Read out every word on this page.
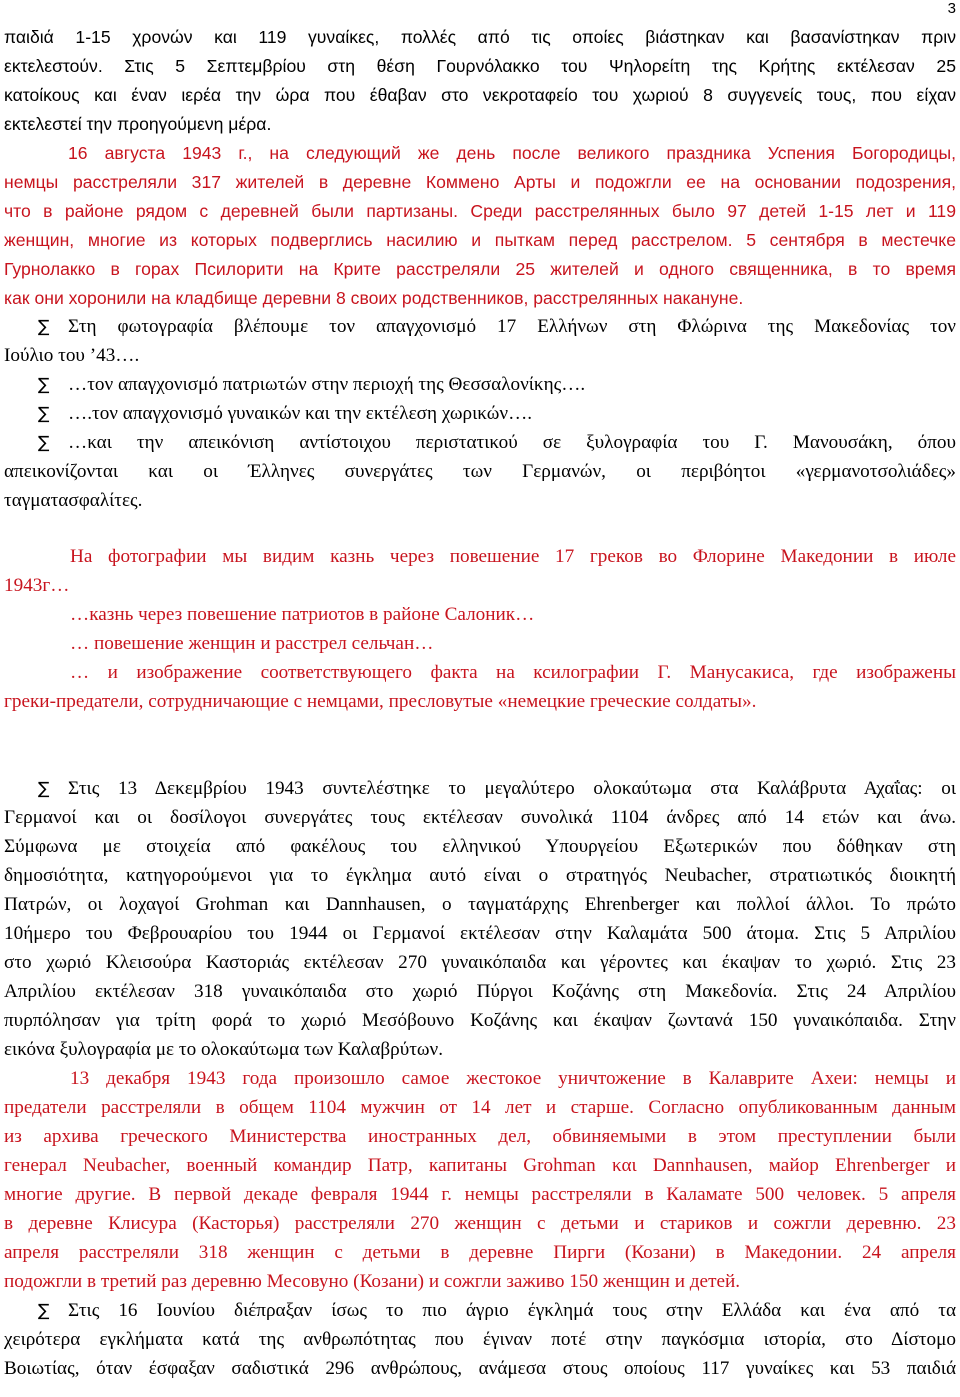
3
παιδιά 1-15 χρονών και 119 γυναίκες, πολλές από τις οποίες βιάστηκαν και βασανίστηκαν πριν
εκτελεστούν. Στις 5 Σεπτεμβρίου στη θέση Γουρνόλακκο του Ψηλορείτη της Κρήτης εκτέλεσαν 25
κατοίκους και έναν ιερέα την ώρα που έθαβαν στο νεκροταφείο του χωριού 8 συγγενείς τους, που είχαν
εκτελεστεί την προηγούμενη μέρα.
16 августа 1943 г., на следующий же день после великого праздника Успения Богородицы,
немцы расстреляли 317 жителей в деревне Коммено Арты и подожгли ее на основании подозрения,
что в районе рядом с деревней были партизаны. Среди расстрелянных было 97 детей 1-15 лет и 119
женщин, многие из которых подверглись насилию и пыткам перед расстрелом. 5 сентября в местечке
Гурнолакко в горах Псилорити на Крите расстреляли 25 жителей и одного священника, в то время
как они хоронили на кладбище деревни 8 своих родственников, расстрелянных накануне.
∑ Στη φωτογραφία βλέπουμε τον απαγχονισμό 17 Ελλήνων στη Φλώρινα της Μακεδονίας τον
Ιούλιο του ’43….
∑ …τον απαγχονισμό πατριωτών στην περιοχή της Θεσσαλονίκης….
∑ ….τον απαγχονισμό γυναικών και την εκτέλεση χωρικών….
∑ …και την απεικόνιση αντίστοιχου περιστατικού σε ξυλογραφία του Γ. Μανουσάκη, όπου
απεικονίζονται και οι Έλληνες συνεργάτες των Γερμανών, οι περιβόητοι «γερμανοτσολιάδες»
ταγματασφαλίτες.
На фотографии мы видим казнь через повешение 17 греков во Флорине Македонии в июле
1943г…
…казнь через повешение патриотов в районе Салоник…
… повешение женщин и расстрел сельчан…
… и изображение соответствующего факта на ксилографии Г. Манусакиса, где изображены
греки-предатели, сотрудничающие с немцами, пресловутые «немецкие греческие солдаты».
∑ Στις 13 Δεκεμβρίου 1943 συντελέστηκε το μεγαλύτερο ολοκαύτωμα στα Καλάβρυτα Αχαΐας: οι
Γερμανοί και οι δοσίλογοι συνεργάτες τους εκτέλεσαν συνολικά 1104 άνδρες από 14 ετών και άνω.
Σύμφωνα με στοιχεία από φακέλους του ελληνικού Υπουργείου Εξωτερικών που δόθηκαν στη
δημοσιότητα, κατηγορούμενοι για το έγκλημα αυτό είναι ο στρατηγός Neubacher, στρατιωτικός διοικητή
Πατρών, οι λοχαγοί Grohman και Dannhausen, ο ταγματάρχης Ehrenberger και πολλοί άλλοι. Το πρώτο
10ήμερο του Φεβρουαρίου του 1944 οι Γερμανοί εκτέλεσαν στην Καλαμάτα 500 άτομα. Στις 5 Απριλίου
στο χωριό Κλεισούρα Καστοριάς εκτέλεσαν 270 γυναικόπαιδα και γέροντες και έκαψαν το χωριό. Στις 23
Απριλίου εκτέλεσαν 318 γυναικόπαιδα στο χωριό Πύργοι Κοζάνης στη Μακεδονία. Στις 24 Απριλίου
πυρπόλησαν για τρίτη φορά το χωριό Μεσόβουνο Κοζάνης και έκαψαν ζωντανά 150 γυναικόπαιδα. Στην
εικόνα ξυλογραφία με το ολοκαύτωμα των Καλαβρύτων.
13 декабря 1943 года произошло самое жестокое уничтожение в Калаврите Ахеи: немцы и
предатели расстреляли в общем 1104 мужчин от 14 лет и старше. Согласно опубликованным данным
из архива греческого Министерства иностранных дел, обвиняемыми в этом преступлении были
генерал Neubacher, военный командир Патр, капитаны Grohman και Dannhausen, майор Ehrenberger и
многие другие. В первой декаде февраля 1944 г. немцы расстреляли в Каламате 500 человек. 5 апреля
в деревне Клисура (Касторья) расстреляли 270 женщин с детьми и стариков и сожгли деревню. 23
апреля расстреляли 318 женщин с детьми в деревне Пирги (Козани) в Македонии. 24 апреля
подожгли в третий раз деревню Месовуно (Козани) и сожгли заживо 150 женщин и детей.
∑ Στις 16 Ιουνίου διέπραξαν ίσως το πιο άγριο έγκλημά τους στην Ελλάδα και ένα από τα
χειρότερα εγκλήματα κατά της ανθρωπότητας που έγιναν ποτέ στην παγκόσμια ιστορία, στο Δίστομο
Βοιωτίας, όταν έσφαξαν σαδιστικά 296 ανθρώπους, ανάμεσα στους οποίους 117 γυναίκες και 53 παιδιά
